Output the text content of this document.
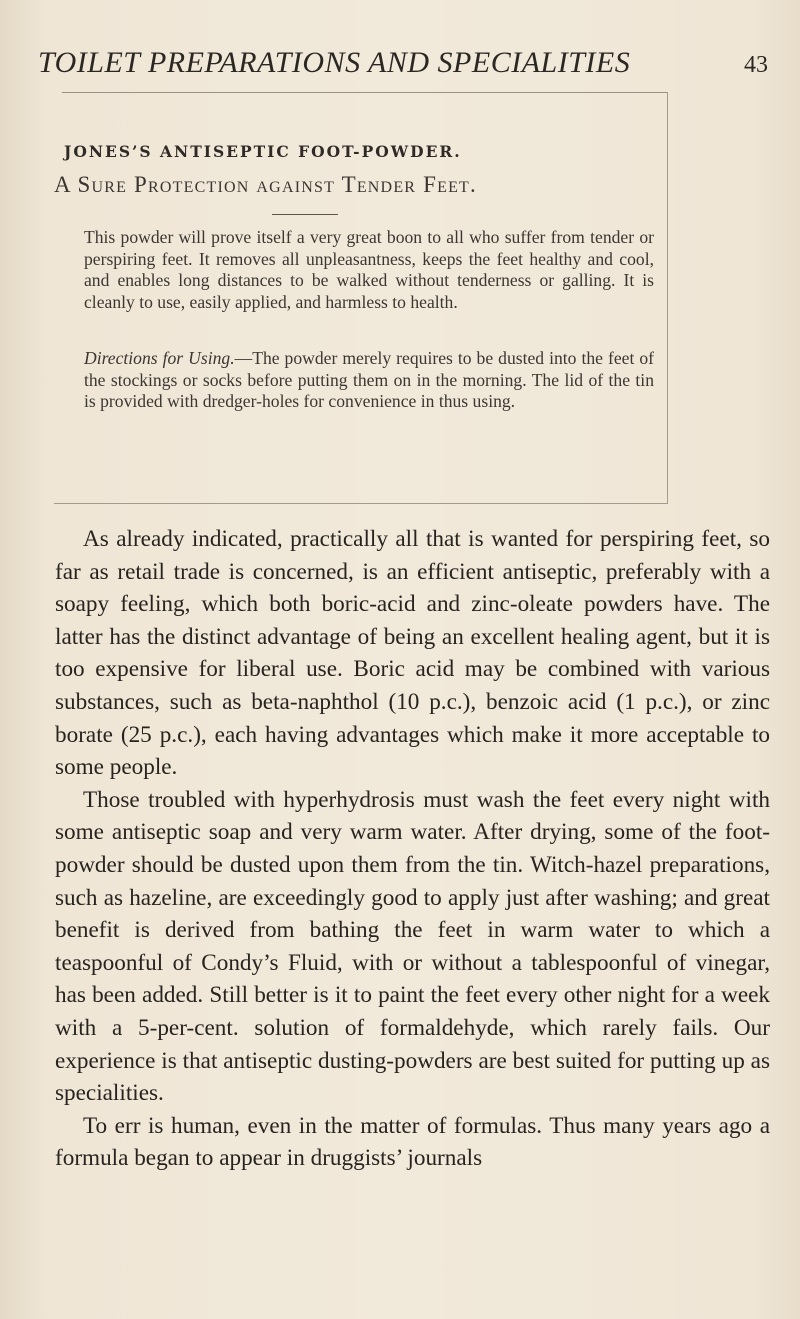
TOILET PREPARATIONS AND SPECIALITIES	43
JONES’S ANTISEPTIC FOOT-POWDER.
A Sure Protection against Tender Feet.

This powder will prove itself a very great boon to all who suffer from tender or perspiring feet. It removes all unpleasantness, keeps the feet healthy and cool, and enables long distances to be walked without tenderness or galling. It is cleanly to use, easily applied, and harmless to health.

Directions for Using.—The powder merely requires to be dusted into the feet of the stockings or socks before putting them on in the morning. The lid of the tin is provided with dredger-holes for convenience in thus using.

As already indicated, practically all that is wanted for perspiring feet, so far as retail trade is concerned, is an efficient antiseptic, preferably with a soapy feeling, which both boric-acid and zinc-oleate powders have. The latter has the distinct advantage of being an excellent healing agent, but it is too expensive for liberal use. Boric acid may be combined with various substances, such as beta-naphthol (10 p.c.), benzoic acid (1 p.c.), or zinc borate (25 p.c.), each having advantages which make it more acceptable to some people.

Those troubled with hyperhydrosis must wash the feet every night with some antiseptic soap and very warm water. After drying, some of the foot-powder should be dusted upon them from the tin. Witch-hazel preparations, such as hazeline, are exceedingly good to apply just after washing; and great benefit is derived from bathing the feet in warm water to which a teaspoonful of Condy’s Fluid, with or without a tablespoonful of vinegar, has been added. Still better is it to paint the feet every other night for a week with a 5-per-cent. solution of formaldehyde, which rarely fails. Our experience is that antiseptic dusting-powders are best suited for putting up as specialities.

To err is human, even in the matter of formulas. Thus many years ago a formula began to appear in druggists’ journals
